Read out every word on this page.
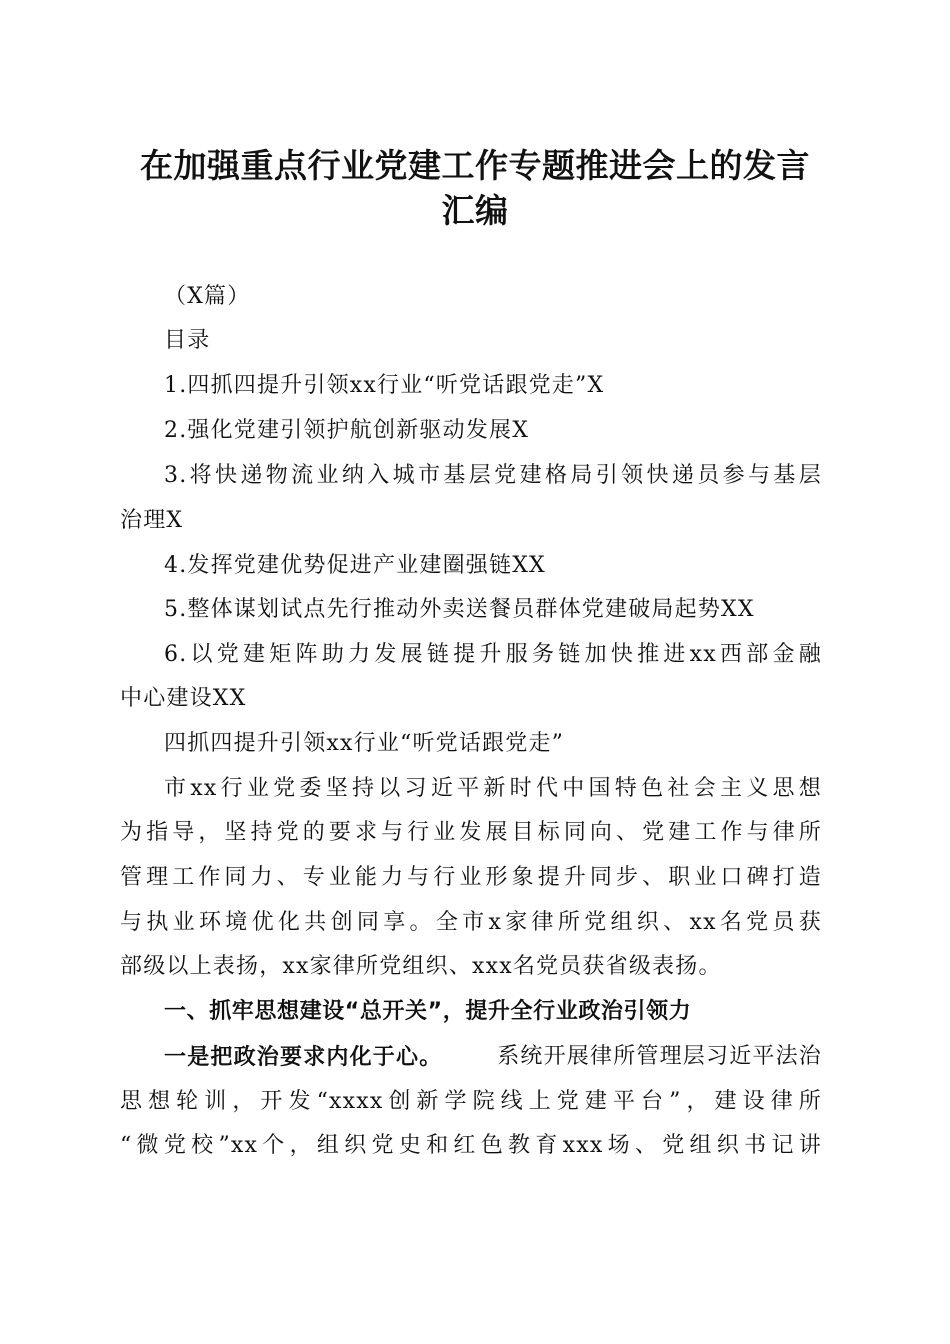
在加强重点行业党建工作专题推进会上的发言
汇编
（X篇）
目录
1.四抓四提升引领xx行业“听党话跟党走”X
2.强化党建引领护航创新驱动发展X
3.将快递物流业纳入城市基层党建格局引领快递员参与基层
治理X
4.发挥党建优势促进产业建圈强链XX
5.整体谋划试点先行推动外卖送餐员群体党建破局起势XX
6.以党建矩阵助力发展链提升服务链加快推进xx西部金融
中心建设XX
四抓四提升引领xx行业“听党话跟党走”
市xx行业党委坚持以习近平新时代中国特色社会主义思想
为指导，坚持党的要求与行业发展目标同向、党建工作与律所
管理工作同力、专业能力与行业形象提升同步、职业口碑打造
与执业环境优化共创同享。全市x家律所党组织、xx名党员获
部级以上表扬，xx家律所党组织、xxx名党员获省级表扬。
一、抓牢思想建设“总开关”，提升全行业政治引领力
一是把政治要求内化于心。 系统开展律所管理层习近平法治
思想轮训，开发“xxxx创新学院线上党建平台”，建设律所
“微党校”xx个，组织党史和红色教育xxx场、党组织书记讲
